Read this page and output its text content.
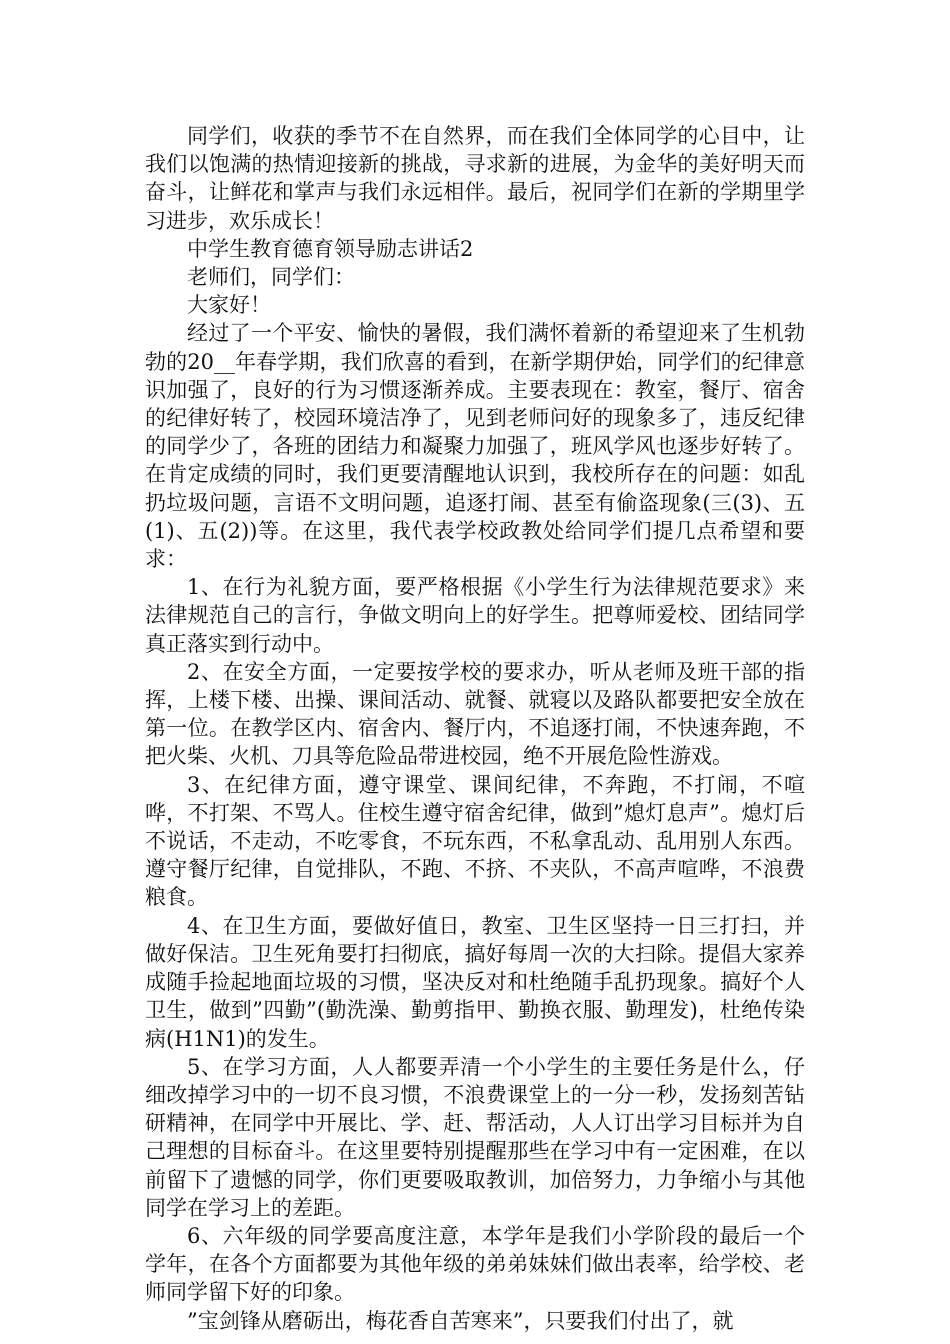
同学们，收获的季节不在自然界，而在我们全体同学的心目中，让我们以饱满的热情迎接新的挑战，寻求新的进展，为金华的美好明天而奋斗，让鲜花和掌声与我们永远相伴。最后，祝同学们在新的学期里学习进步，欢乐成长！

中学生教育德育领导励志讲话2

老师们，同学们：

大家好！

经过了一个平安、愉快的暑假，我们满怀着新的希望迎来了生机勃勃的20__年春学期，我们欣喜的看到，在新学期伊始，同学们的纪律意识加强了，良好的行为习惯逐渐养成。主要表现在：教室，餐厅、宿舍的纪律好转了，校园环境洁净了，见到老师问好的现象多了，违反纪律的同学少了，各班的团结力和凝聚力加强了，班风学风也逐步好转了。在肯定成绩的同时，我们更要清醒地认识到，我校所存在的问题：如乱扔垃圾问题，言语不文明问题，追逐打闹、甚至有偷盗现象(三(3)、五(1)、五(2))等。在这里，我代表学校政教处给同学们提几点希望和要求：

1、在行为礼貌方面，要严格根据《小学生行为法律规范要求》来法律规范自己的言行，争做文明向上的好学生。把尊师爱校、团结同学真正落实到行动中。

2、在安全方面，一定要按学校的要求办，听从老师及班干部的指挥，上楼下楼、出操、课间活动、就餐、就寝以及路队都要把安全放在第一位。在教学区内、宿舍内、餐厅内，不追逐打闹，不快速奔跑，不把火柴、火机、刀具等危险品带进校园，绝不开展危险性游戏。

3、在纪律方面，遵守课堂、课间纪律，不奔跑，不打闹，不喧哗，不打架、不骂人。住校生遵守宿舍纪律，做到”熄灯息声”。熄灯后不说话，不走动，不吃零食，不玩东西，不私拿乱动、乱用别人东西。遵守餐厅纪律，自觉排队，不跑、不挤、不夹队，不高声喧哗，不浪费粮食。

4、在卫生方面，要做好值日，教室、卫生区坚持一日三打扫，并做好保洁。卫生死角要打扫彻底，搞好每周一次的大扫除。提倡大家养成随手捡起地面垃圾的习惯，坚决反对和杜绝随手乱扔现象。搞好个人卫生，做到”四勤”(勤洗澡、勤剪指甲、勤换衣服、勤理发)，杜绝传染病(H1N1)的发生。

5、在学习方面，人人都要弄清一个小学生的主要任务是什么，仔细改掉学习中的一切不良习惯，不浪费课堂上的一分一秒，发扬刻苦钻研精神，在同学中开展比、学、赶、帮活动，人人订出学习目标并为自己理想的目标奋斗。在这里要特别提醒那些在学习中有一定困难，在以前留下了遗憾的同学，你们更要吸取教训，加倍努力，力争缩小与其他同学在学习上的差距。

6、六年级的同学要高度注意，本学年是我们小学阶段的最后一个学年，在各个方面都要为其他年级的弟弟妹妹们做出表率，给学校、老师同学留下好的印象。

”宝剑锋从磨砺出，梅花香自苦寒来”，只要我们付出了，就
